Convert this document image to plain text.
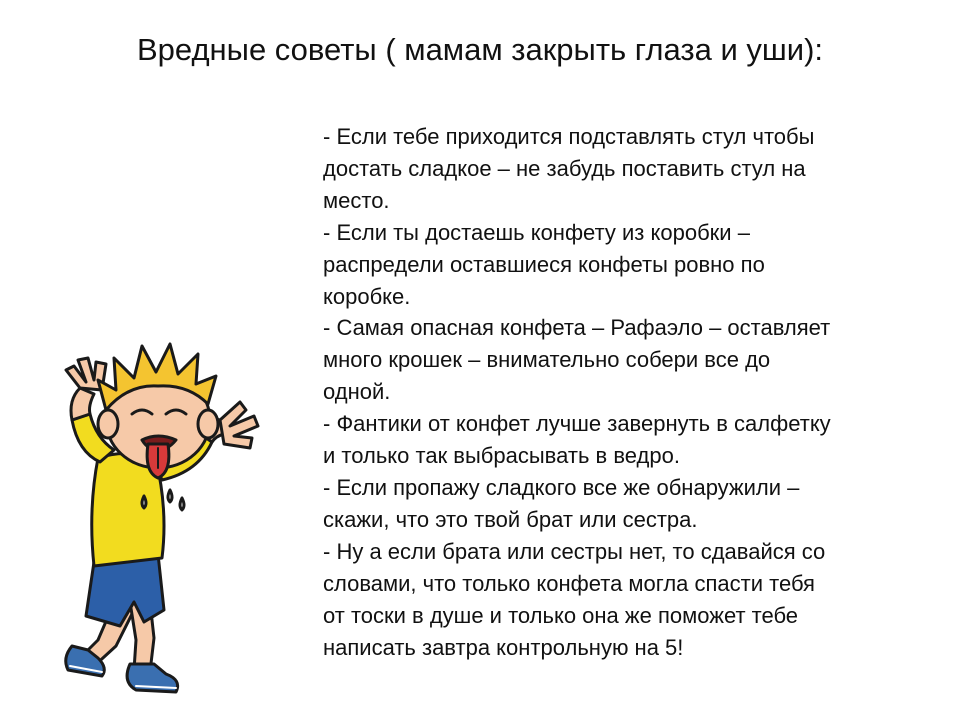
Вредные советы ( мамам закрыть глаза и уши):
- Если тебе приходится подставлять стул чтобы
достать сладкое – не забудь поставить стул на
место.
- Если ты достаешь конфету из коробки –
распредели оставшиеся конфеты ровно по
коробке.
- Самая опасная конфета – Рафаэло – оставляет
много крошек – внимательно собери все до
одной.
- Фантики от конфет лучше завернуть в салфетку
и только так выбрасывать в ведро.
- Если пропажу сладкого все же обнаружили –
скажи, что это твой брат или сестра.
- Ну а если брата или сестры нет, то сдавайся со
словами, что только конфета могла спасти тебя
от тоски в душе и только она же поможет тебе
написать завтра контрольную на 5!
